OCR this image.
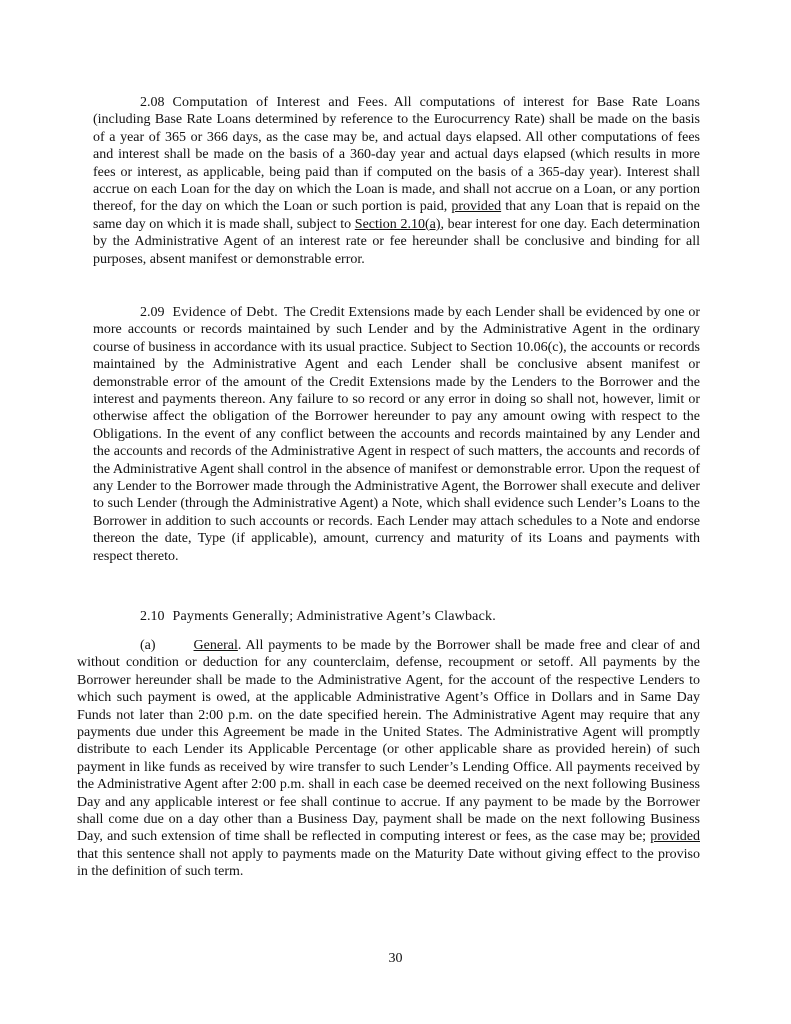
2.08 Computation of Interest and Fees. All computations of interest for Base Rate Loans (including Base Rate Loans determined by reference to the Eurocurrency Rate) shall be made on the basis of a year of 365 or 366 days, as the case may be, and actual days elapsed. All other computations of fees and interest shall be made on the basis of a 360-day year and actual days elapsed (which results in more fees or interest, as applicable, being paid than if computed on the basis of a 365-day year). Interest shall accrue on each Loan for the day on which the Loan is made, and shall not accrue on a Loan, or any portion thereof, for the day on which the Loan or such portion is paid, provided that any Loan that is repaid on the same day on which it is made shall, subject to Section 2.10(a), bear interest for one day. Each determination by the Administrative Agent of an interest rate or fee hereunder shall be conclusive and binding for all purposes, absent manifest or demonstrable error.

2.09 Evidence of Debt. The Credit Extensions made by each Lender shall be evidenced by one or more accounts or records maintained by such Lender and by the Administrative Agent in the ordinary course of business in accordance with its usual practice. Subject to Section 10.06(c), the accounts or records maintained by the Administrative Agent and each Lender shall be conclusive absent manifest or demonstrable error of the amount of the Credit Extensions made by the Lenders to the Borrower and the interest and payments thereon. Any failure to so record or any error in doing so shall not, however, limit or otherwise affect the obligation of the Borrower hereunder to pay any amount owing with respect to the Obligations. In the event of any conflict between the accounts and records maintained by any Lender and the accounts and records of the Administrative Agent in respect of such matters, the accounts and records of the Administrative Agent shall control in the absence of manifest or demonstrable error. Upon the request of any Lender to the Borrower made through the Administrative Agent, the Borrower shall execute and deliver to such Lender (through the Administrative Agent) a Note, which shall evidence such Lender’s Loans to the Borrower in addition to such accounts or records. Each Lender may attach schedules to a Note and endorse thereon the date, Type (if applicable), amount, currency and maturity of its Loans and payments with respect thereto.

2.10 Payments Generally; Administrative Agent’s Clawback.

(a)	General. All payments to be made by the Borrower shall be made free and clear of and without condition or deduction for any counterclaim, defense, recoupment or setoff. All payments by the Borrower hereunder shall be made to the Administrative Agent, for the account of the respective Lenders to which such payment is owed, at the applicable Administrative Agent’s Office in Dollars and in Same Day Funds not later than 2:00 p.m. on the date specified herein. The Administrative Agent may require that any payments due under this Agreement be made in the United States. The Administrative Agent will promptly distribute to each Lender its Applicable Percentage (or other applicable share as provided herein) of such payment in like funds as received by wire transfer to such Lender’s Lending Office. All payments received by the Administrative Agent after 2:00 p.m. shall in each case be deemed received on the next following Business Day and any applicable interest or fee shall continue to accrue. If any payment to be made by the Borrower shall come due on a day other than a Business Day, payment shall be made on the next following Business Day, and such extension of time shall be reflected in computing interest or fees, as the case may be; provided that this sentence shall not apply to payments made on the Maturity Date without giving effect to the proviso in the definition of such term.

30
